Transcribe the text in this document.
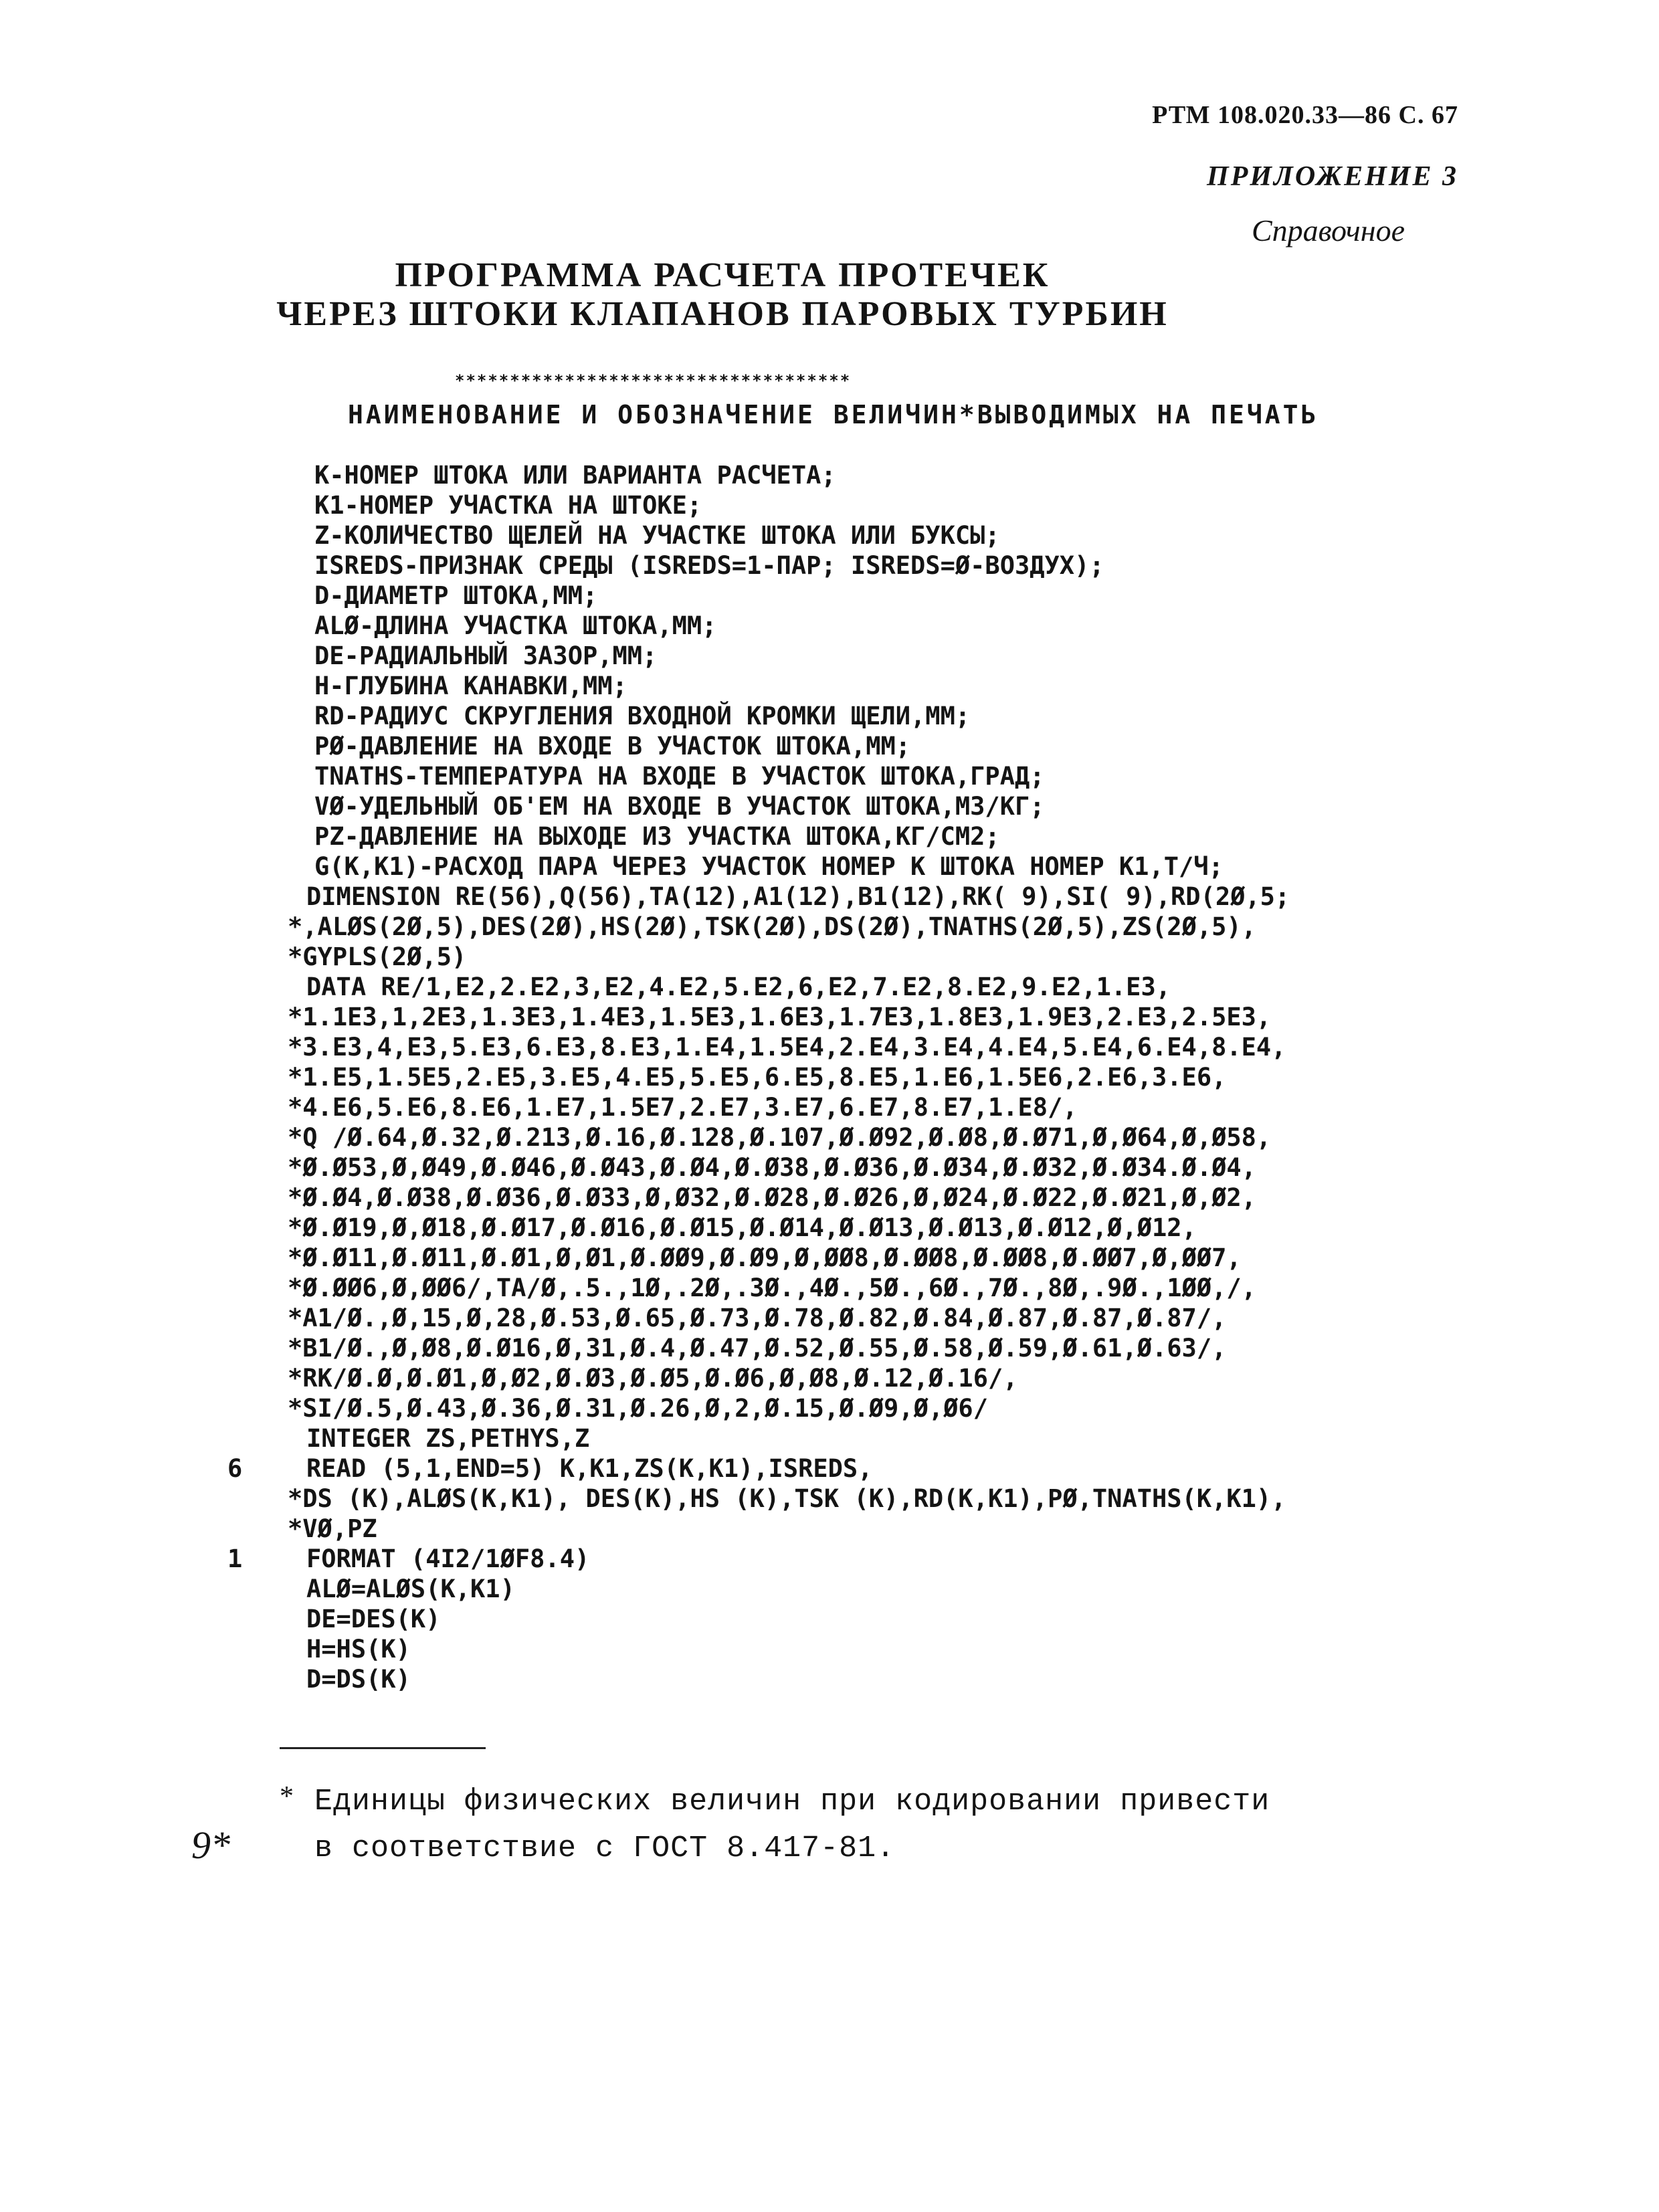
РТМ 108.020.33—86 С. 67
ПРИЛОЖЕНИЕ 3
Справочное
ПРОГРАММА РАСЧЕТА ПРОТЕЧЕК
ЧЕРЕЗ ШТОКИ КЛАПАНОВ ПАРОВЫХ ТУРБИН
************************************
НАИМЕНОВАНИЕ И ОБОЗНАЧЕНИЕ ВЕЛИЧИН*ВЫВОДИМЫХ НА ПЕЧАТЬ
К-НОМЕР ШТОКА ИЛИ ВАРИАНТА РАСЧЕТА;
К1-НОМЕР УЧАСТКА НА ШТОКЕ;
Z-КОЛИЧЕСТВО ЩЕЛЕЙ НА УЧАСТКЕ ШТОКА ИЛИ БУКСЫ;
ISREDS-ПРИЗНАК СРЕДЫ (ISREDS=1-ПАР; ISREDS=Ø-ВОЗДУХ);
D-ДИАМЕТР ШТОКА,ММ;
ALØ-ДЛИНА УЧАСТКА ШТОКА,ММ;
DE-РАДИАЛЬНЫЙ ЗАЗОР,ММ;
H-ГЛУБИНА КАНАВКИ,ММ;
RD-РАДИУС СКРУГЛЕНИЯ ВХОДНОЙ КРОМКИ ЩЕЛИ,ММ;
PØ-ДАВЛЕНИЕ НА ВХОДЕ В УЧАСТОК ШТОКА,ММ;
TNATHS-ТЕМПЕРАТУРА НА ВХОДЕ В УЧАСТОК ШТОКА,ГРАД;
VØ-УДЕЛЬНЫЙ ОБ'ЕМ НА ВХОДЕ В УЧАСТОК ШТОКА,М3/КГ;
PZ-ДАВЛЕНИЕ НА ВЫХОДЕ ИЗ УЧАСТКА ШТОКА,КГ/СМ2;
G(K,K1)-РАСХОД ПАРА ЧЕРЕЗ УЧАСТОК НОМЕР К ШТОКА НОМЕР К1,Т/Ч;
DIMENSION RE(56),Q(56),TA(12),A1(12),B1(12),RK( 9),SI( 9),RD(2Ø,5;
*,ALØS(2Ø,5),DES(2Ø),HS(2Ø),TSK(2Ø),DS(2Ø),TNATHS(2Ø,5),ZS(2Ø,5),
*GYPLS(2Ø,5)
DATA RE/1,E2,2.E2,3,E2,4.E2,5.E2,6,E2,7.E2,8.E2,9.E2,1.E3,
*1.1E3,1,2E3,1.3E3,1.4E3,1.5E3,1.6E3,1.7E3,1.8E3,1.9E3,2.E3,2.5E3,
*3.E3,4,E3,5.E3,6.E3,8.E3,1.E4,1.5E4,2.E4,3.E4,4.E4,5.E4,6.E4,8.E4,
*1.E5,1.5E5,2.E5,3.E5,4.E5,5.E5,6.E5,8.E5,1.E6,1.5E6,2.E6,3.E6,
*4.E6,5.E6,8.E6,1.E7,1.5E7,2.E7,3.E7,6.E7,8.E7,1.E8/,
*Q /Ø.64,Ø.32,Ø.213,Ø.16,Ø.128,Ø.107,Ø.Ø92,Ø.Ø8,Ø.Ø71,Ø,Ø64,Ø,Ø58,
*Ø.Ø53,Ø,Ø49,Ø.Ø46,Ø.Ø43,Ø.Ø4,Ø.Ø38,Ø.Ø36,Ø.Ø34,Ø.Ø32,Ø.Ø34.Ø.Ø4,
*Ø.Ø4,Ø.Ø38,Ø.Ø36,Ø.Ø33,Ø,Ø32,Ø.Ø28,Ø.Ø26,Ø,Ø24,Ø.Ø22,Ø.Ø21,Ø,Ø2,
*Ø.Ø19,Ø,Ø18,Ø.Ø17,Ø.Ø16,Ø.Ø15,Ø.Ø14,Ø.Ø13,Ø.Ø13,Ø.Ø12,Ø,Ø12,
*Ø.Ø11,Ø.Ø11,Ø.Ø1,Ø,Ø1,Ø.ØØ9,Ø.Ø9,Ø,ØØ8,Ø.ØØ8,Ø.ØØ8,Ø.ØØ7,Ø,ØØ7,
*Ø.ØØ6,Ø,ØØ6/,TA/Ø,.5.,1Ø,.2Ø,.3Ø.,4Ø.,5Ø.,6Ø.,7Ø.,8Ø,.9Ø.,1ØØ,/,
*A1/Ø.,Ø,15,Ø,28,Ø.53,Ø.65,Ø.73,Ø.78,Ø.82,Ø.84,Ø.87,Ø.87,Ø.87/,
*B1/Ø.,Ø,Ø8,Ø.Ø16,Ø,31,Ø.4,Ø.47,Ø.52,Ø.55,Ø.58,Ø.59,Ø.61,Ø.63/,
*RK/Ø.Ø,Ø.Ø1,Ø,Ø2,Ø.Ø3,Ø.Ø5,Ø.Ø6,Ø,Ø8,Ø.12,Ø.16/,
*SI/Ø.5,Ø.43,Ø.36,Ø.31,Ø.26,Ø,2,Ø.15,Ø.Ø9,Ø,Ø6/
INTEGER ZS,PETHYS,Z
6	READ (5,1,END=5) K,K1,ZS(K,K1),ISREDS,
*DS (K),ALØS(K,K1), DES(K),HS (K),TSK (K),RD(K,K1),PØ,TNATHS(K,K1),
*VØ,PZ
1	FORMAT (4I2/1ØF8.4)
ALØ=ALØS(K,K1)
DE=DES(K)
H=HS(K)
D=DS(K)
* Единицы физических величин при кодировании привести
в соответствие с ГОСТ 8.417-81.
9*
